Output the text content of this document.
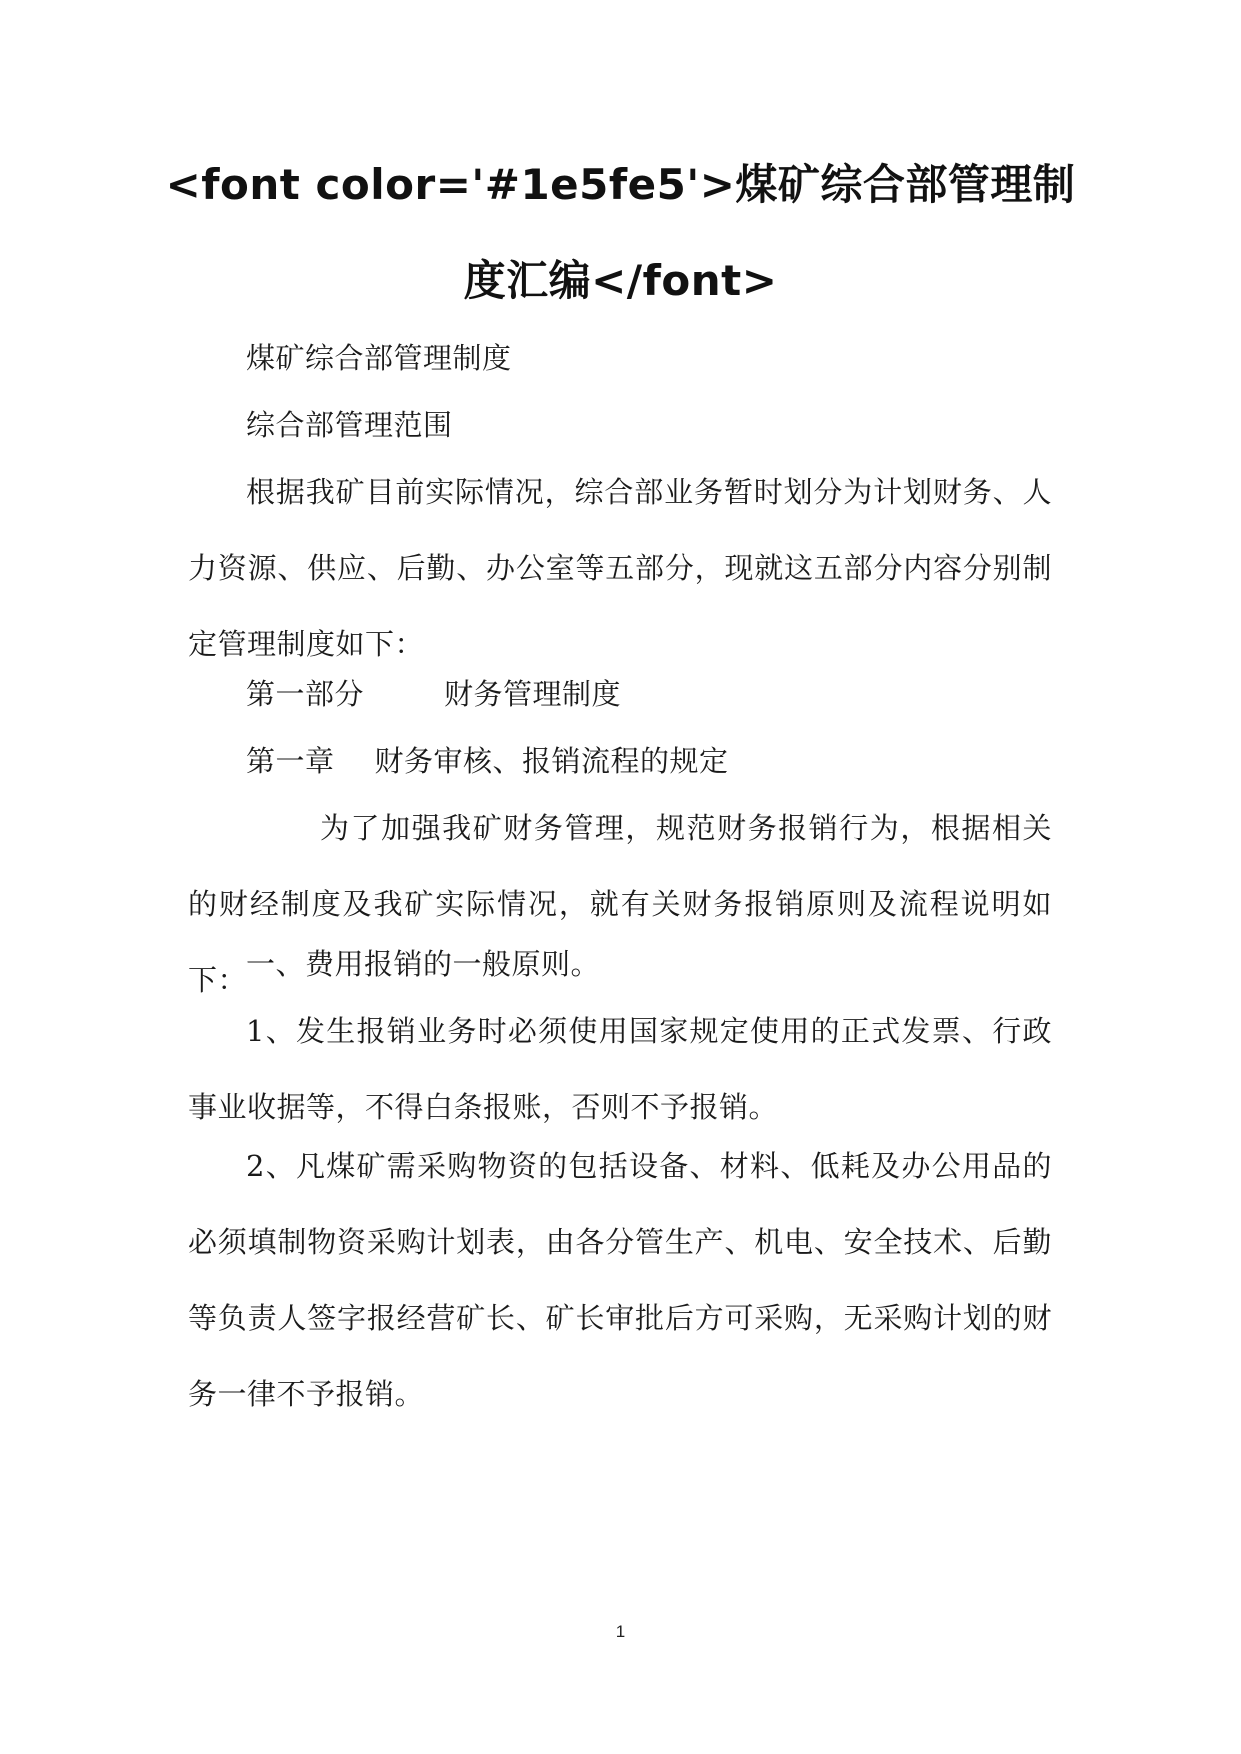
<font color='#1e5fe5'>煤矿综合部管理制
度汇编</font>

煤矿综合部管理制度

综合部管理范围

根据我矿目前实际情况，综合部业务暂时划分为计划财务、人力资源、供应、后勤、办公室等五部分，现就这五部分内容分别制定管理制度如下：

第一部分	财务管理制度

第一章 财务审核、报销流程的规定

为了加强我矿财务管理，规范财务报销行为，根据相关的财经制度及我矿实际情况，就有关财务报销原则及流程说明如下：

一、费用报销的一般原则。

1、发生报销业务时必须使用国家规定使用的正式发票、行政事业收据等，不得白条报账，否则不予报销。

2、凡煤矿需采购物资的包括设备、材料、低耗及办公用品的必须填制物资采购计划表，由各分管生产、机电、安全技术、后勤等负责人签字报经营矿长、矿长审批后方可采购，无采购计划的财务一律不予报销。

1
